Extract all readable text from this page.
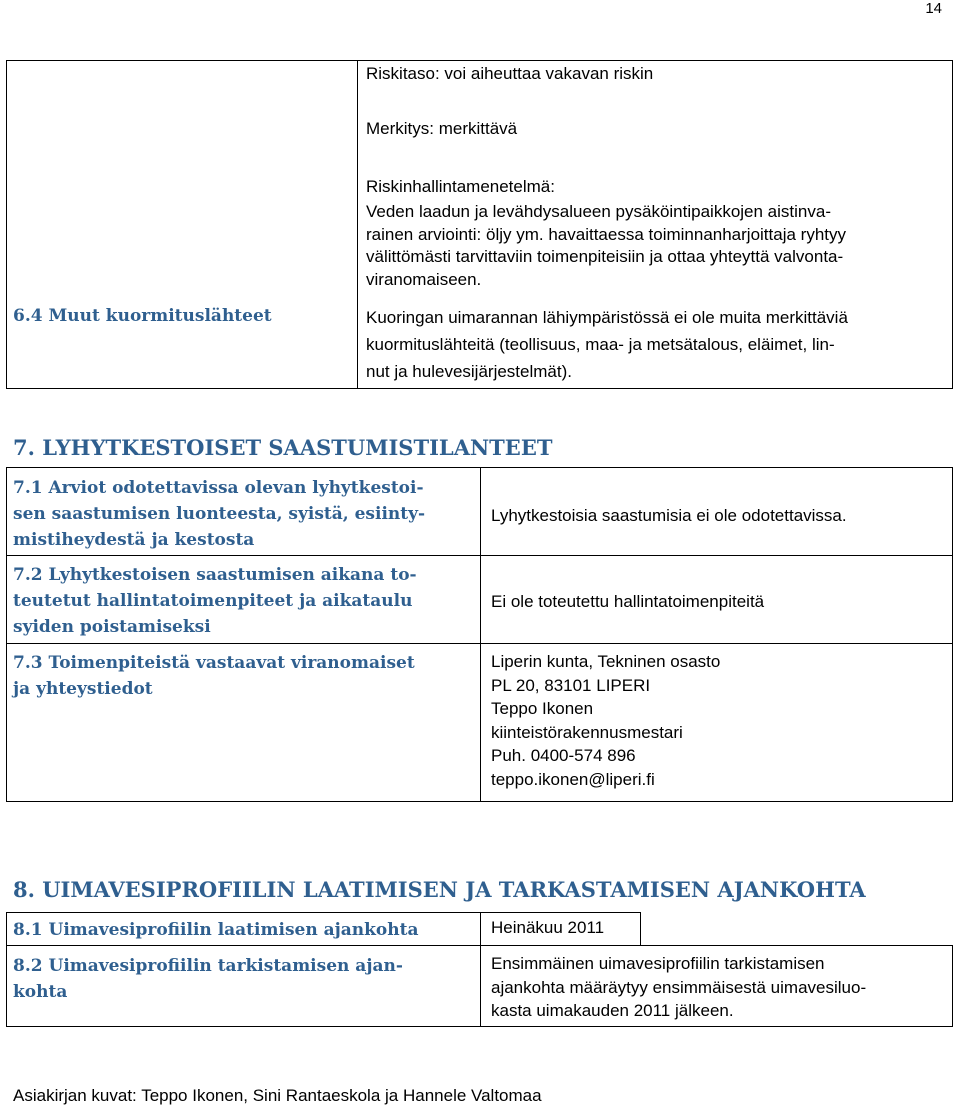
14
Riskitaso: voi aiheuttaa vakavan riskin
Merkitys: merkittävä
Riskinhallintamenetelmä:
Veden laadun ja levähdysalueen pysäköintipaikkojen aistinva-
rainen arviointi: öljy ym. havaittaessa toiminnanharjoittaja ryhtyy
välittömästi tarvittaviin toimenpiteisiin ja ottaa yhteyttä valvonta-
viranomaiseen.
6.4 Muut kuormituslähteet	Kuoringan uimarannan lähiympäristössä ei ole muita merkittäviä
kuormituslähteitä (teollisuus, maa- ja metsätalous, eläimet, lin-
nut ja hulevesijärjestelmät).
7. LYHYTKESTOISET SAASTUMISTILANTEET
7.1 Arviot odotettavissa olevan lyhytkestoi-
sen saastumisen luonteesta, syistä, esiinty-
mistiheydestä ja kestosta
Lyhytkestoisia saastumisia ei ole odotettavissa.
7.2 Lyhytkestoisen saastumisen aikana to-
teutetut hallintatoimenpiteet ja aikataulu
syiden poistamiseksi
Ei ole toteutettu hallintatoimenpiteitä
7.3 Toimenpiteistä vastaavat viranomaiset
ja yhteystiedot
Liperin kunta, Tekninen osasto
PL 20, 83101 LIPERI
Teppo Ikonen
kiinteistörakennusmestari
Puh. 0400-574 896
teppo.ikonen@liperi.fi
8. UIMAVESIPROFIILIN LAATIMISEN JA TARKASTAMISEN AJANKOHTA
8.1 Uimavesiprofiilin laatimisen ajankohta	Heinäkuu 2011
8.2 Uimavesiprofiilin tarkistamisen ajan-
kohta
Ensimmäinen uimavesiprofiilin tarkistamisen
ajankohta määräytyy ensimmäisestä uimavesiluo-
kasta uimakauden 2011 jälkeen.
Asiakirjan kuvat: Teppo Ikonen, Sini Rantaeskola ja Hannele Valtomaa
